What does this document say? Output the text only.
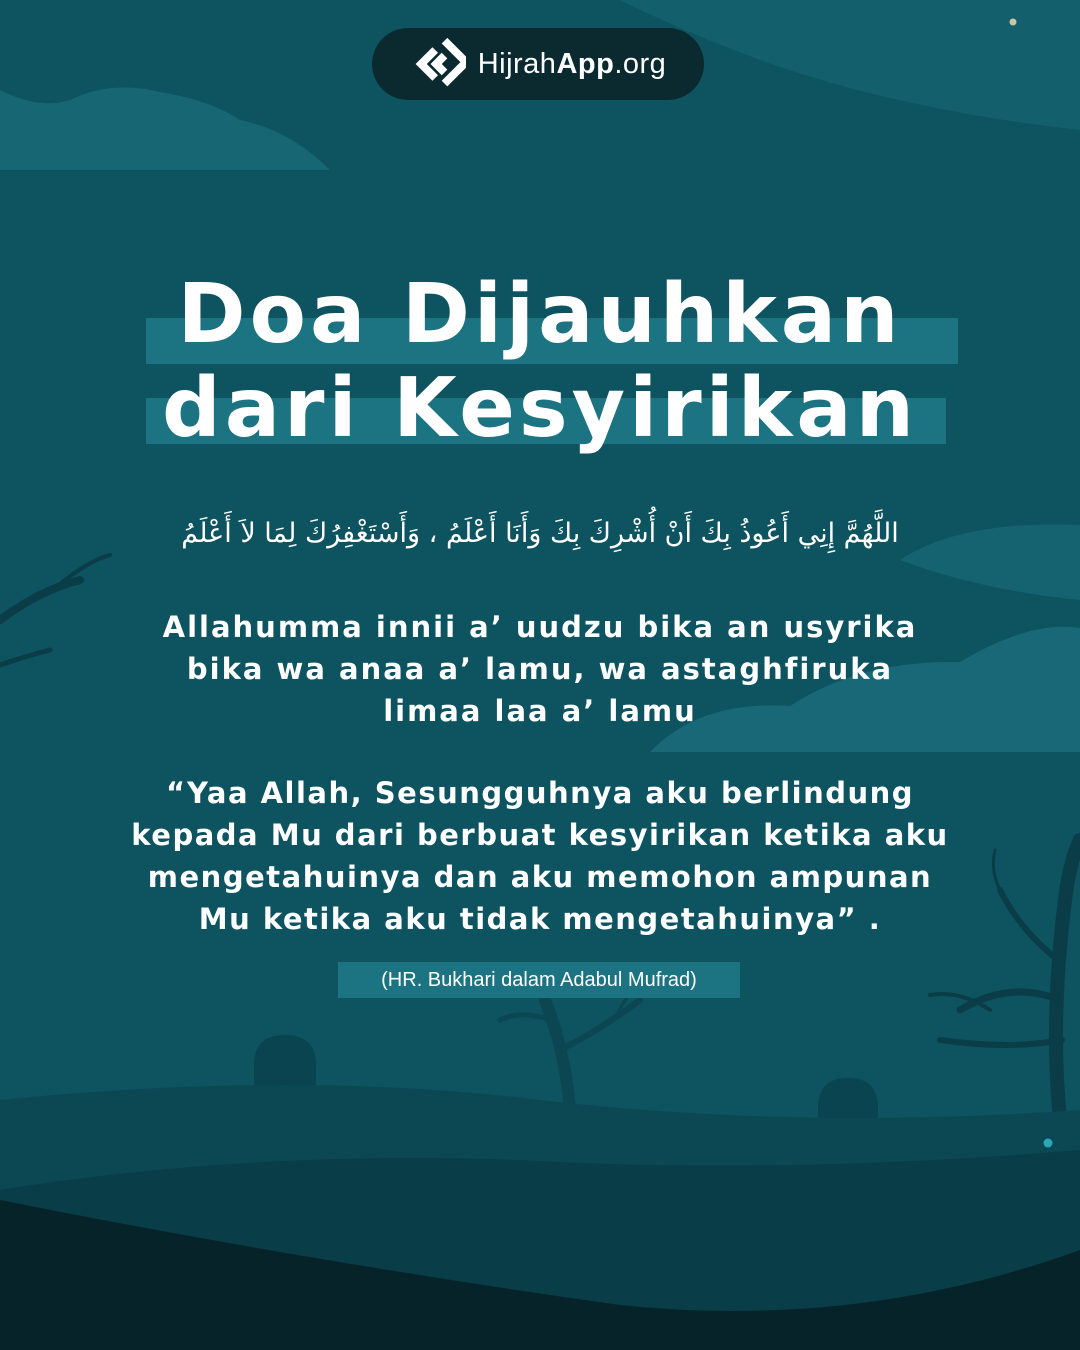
HijrahApp.org
Doa Dijauhkan
dari Kesyirikan
اللَّهُمَّ إِنِي أَعُوذُ بِكَ أَنْ أُشْرِكَ بِكَ وَأَنَا أَعْلَمُ ، وَأَسْتَغْفِرُكَ لِمَا لاَ أَعْلَمُ
Allahumma innii a’ uudzu bika an usyrika
bika wa anaa a’ lamu, wa astaghfiruka
limaa laa a’ lamu
“Yaa Allah, Sesungguhnya aku berlindung
kepada Mu dari berbuat kesyirikan ketika aku
mengetahuinya dan aku memohon ampunan
Mu ketika aku tidak mengetahuinya” .
(HR. Bukhari dalam Adabul Mufrad)
